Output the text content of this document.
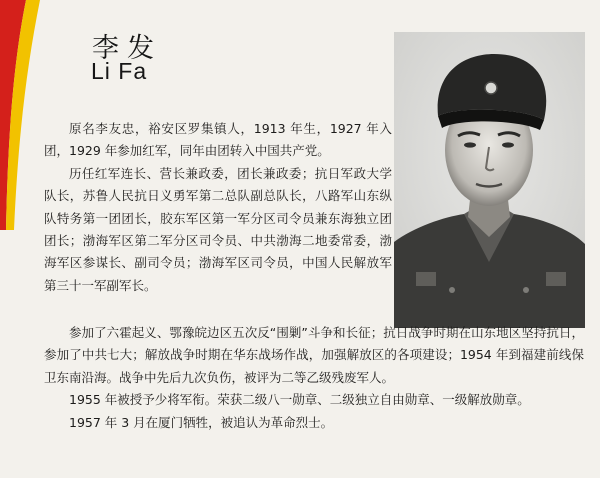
李发
Li Fa

原名李友忠，裕安区罗集镇人，1913 年生，1927 年入团，1929 年参加红军，同年由团转入中国共产党。

历任红军连长、营长兼政委，团长兼政委；抗日军政大学队长，苏鲁人民抗日义勇军第二总队副总队长，八路军山东纵队特务第一团团长，胶东军区第一军分区司令员兼东海独立团团长；渤海军区第二军分区司令员、中共渤海二地委常委，渤海军区参谋长、副司令员；渤海军区司令员，中国人民解放军第三十一军副军长。

参加了六霍起义、鄂豫皖边区五次反“围剿”斗争和长征；抗日战争时期在山东地区坚持抗日，参加了中共七大；解放战争时期在华东战场作战，加强解放区的各项建设；1954 年到福建前线保卫东南沿海。战争中先后九次负伤，被评为二等乙级残废军人。

1955 年被授予少将军衔。荣获二级八一勋章、二级独立自由勋章、一级解放勋章。

1957 年 3 月在厦门牺牲，被追认为革命烈士。
